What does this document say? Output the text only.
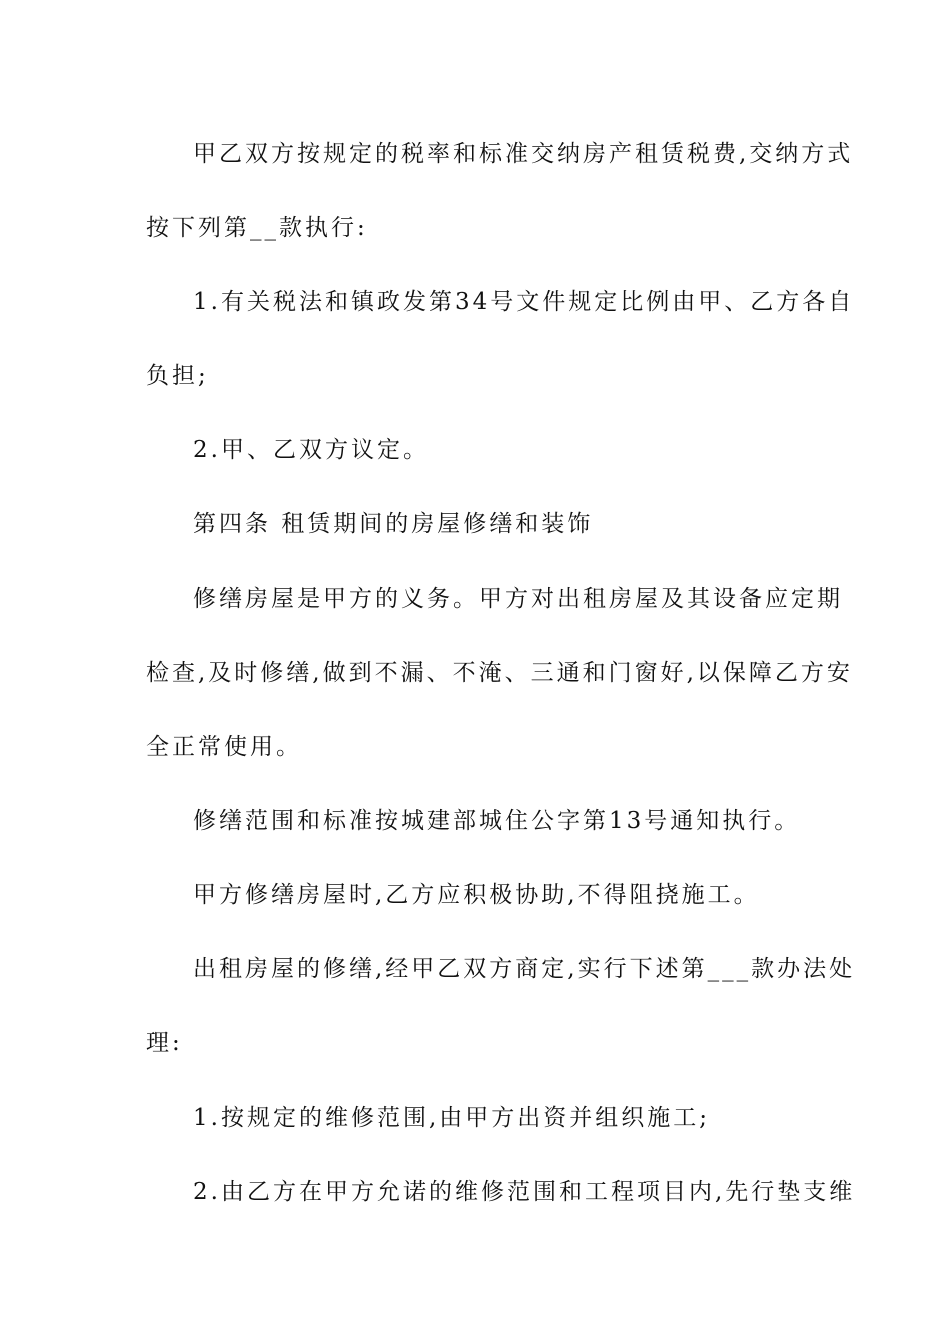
甲乙双方按规定的税率和标准交纳房产租赁税费,交纳方式
按下列第__款执行:
1.有关税法和镇政发第34号文件规定比例由甲、乙方各自
负担;
2.甲、乙双方议定。
第四条 租赁期间的房屋修缮和装饰
修缮房屋是甲方的义务。甲方对出租房屋及其设备应定期
检查,及时修缮,做到不漏、不淹、三通和门窗好,以保障乙方安
全正常使用。
修缮范围和标准按城建部城住公字第13号通知执行。
甲方修缮房屋时,乙方应积极协助,不得阻挠施工。
出租房屋的修缮,经甲乙双方商定,实行下述第___款办法处
理:
1.按规定的维修范围,由甲方出资并组织施工;
2.由乙方在甲方允诺的维修范围和工程项目内,先行垫支维
